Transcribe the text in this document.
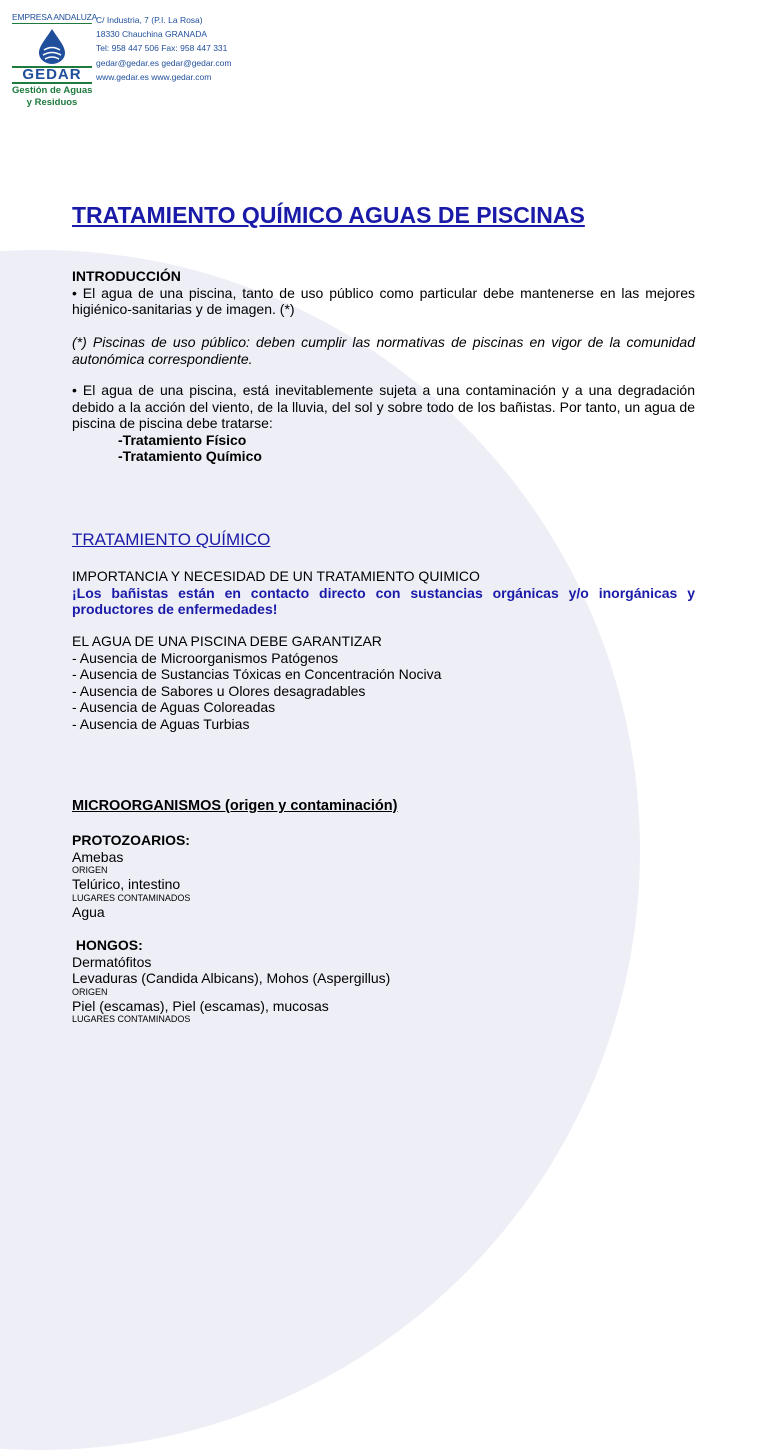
EMPRESA ANDALUZA
GEDAR
Gestión de Aguas
y Residuos
C/ Industria, 7 (P.I. La Rosa)
18330 Chauchina GRANADA
Tel: 958 447 506 Fax: 958 447 331
gedar@gedar.es gedar@gedar.com
www.gedar.es www.gedar.com
TRATAMIENTO QUÍMICO AGUAS DE PISCINAS
INTRODUCCIÓN
• El agua de una piscina, tanto de uso público como particular debe mantenerse en las mejores higiénico-sanitarias y de imagen. (*)
(*) Piscinas de uso público: deben cumplir las normativas de piscinas en vigor de la comunidad autonómica correspondiente.
• El agua de una piscina, está inevitablemente sujeta a una contaminación y a una degradación debido a la acción del viento, de la lluvia, del sol y sobre todo de los bañistas. Por tanto, un agua de piscina de piscina debe tratarse:
-Tratamiento Físico
-Tratamiento Químico
TRATAMIENTO QUÍMICO
IMPORTANCIA Y NECESIDAD DE UN TRATAMIENTO QUIMICO
¡Los bañistas están en contacto directo con sustancias orgánicas y/o inorgánicas y productores de enfermedades!
EL AGUA DE UNA PISCINA DEBE GARANTIZAR
- Ausencia de Microorganismos Patógenos
- Ausencia de Sustancias Tóxicas en Concentración Nociva
- Ausencia de Sabores u Olores desagradables
- Ausencia de Aguas Coloreadas
- Ausencia de Aguas Turbias
MICROORGANISMOS (origen y contaminación)
PROTOZOARIOS:
Amebas
ORIGEN
Telúrico, intestino
LUGARES CONTAMINADOS
Agua
HONGOS:
Dermatófitos
Levaduras (Candida Albicans), Mohos (Aspergillus)
ORIGEN
Piel (escamas), Piel (escamas), mucosas
LUGARES CONTAMINADOS
